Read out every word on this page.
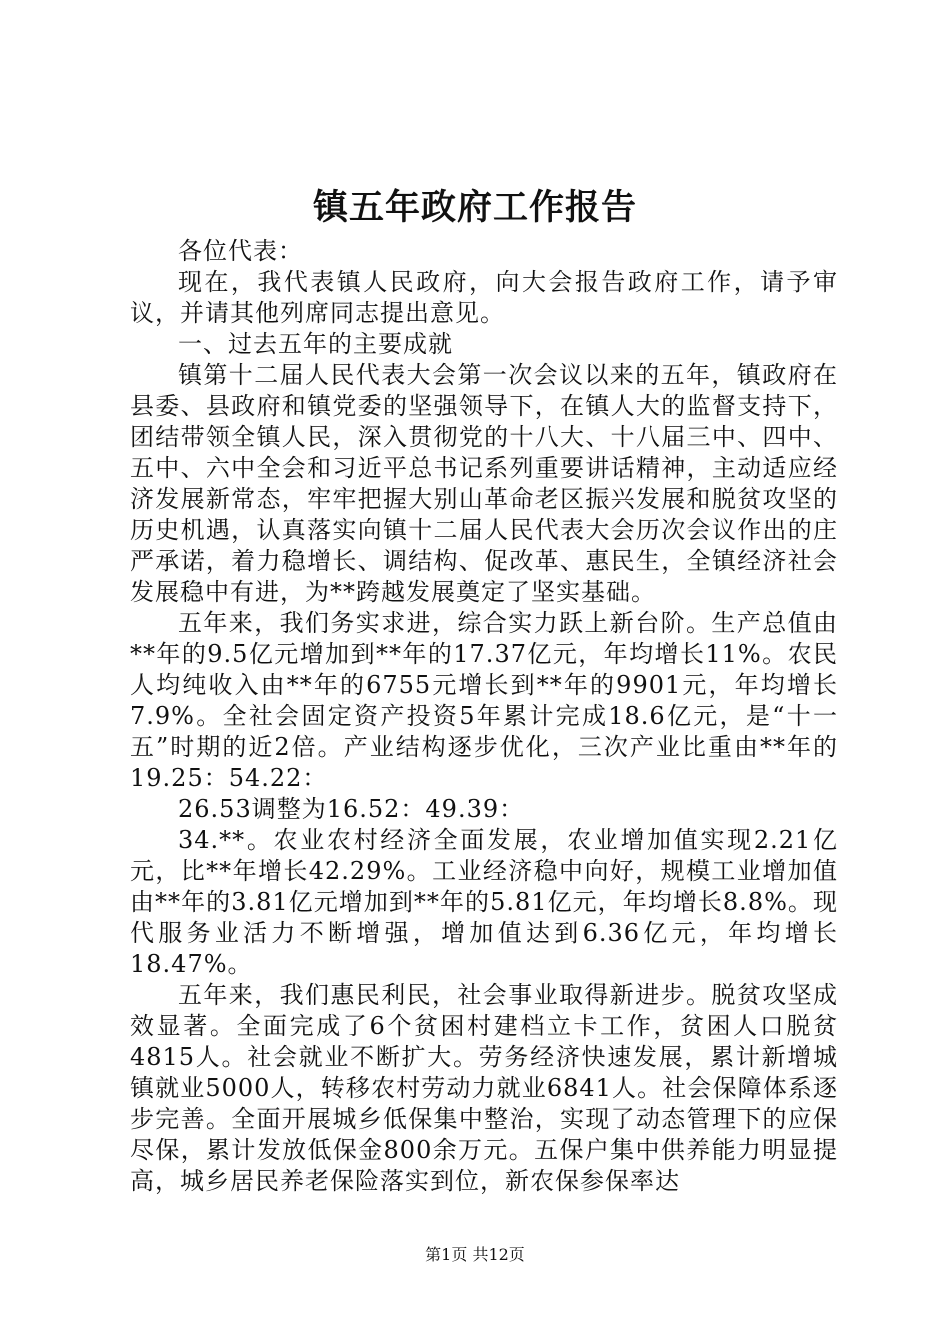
镇五年政府工作报告

各位代表：

现在，我代表镇人民政府，向大会报告政府工作，请予审议，并请其他列席同志提出意见。

一、过去五年的主要成就

镇第十二届人民代表大会第一次会议以来的五年，镇政府在县委、县政府和镇党委的坚强领导下，在镇人大的监督支持下，团结带领全镇人民，深入贯彻党的十八大、十八届三中、四中、五中、六中全会和习近平总书记系列重要讲话精神，主动适应经济发展新常态，牢牢把握大别山革命老区振兴发展和脱贫攻坚的历史机遇，认真落实向镇十二届人民代表大会历次会议作出的庄严承诺，着力稳增长、调结构、促改革、惠民生，全镇经济社会发展稳中有进，为**跨越发展奠定了坚实基础。

五年来，我们务实求进，综合实力跃上新台阶。生产总值由**年的9.5亿元增加到**年的17.37亿元，年均增长11%。农民人均纯收入由**年的6755元增长到**年的9901元，年均增长7.9%。全社会固定资产投资5年累计完成18.6亿元，是“十一五”时期的近2倍。产业结构逐步优化，三次产业比重由**年的19.25：54.22：

26.53调整为16.52：49.39：

34.**。农业农村经济全面发展，农业增加值实现2.21亿元，比**年增长42.29%。工业经济稳中向好，规模工业增加值由**年的3.81亿元增加到**年的5.81亿元，年均增长8.8%。现代服务业活力不断增强，增加值达到6.36亿元，年均增长18.47%。

五年来，我们惠民利民，社会事业取得新进步。脱贫攻坚成效显著。全面完成了6个贫困村建档立卡工作，贫困人口脱贫4815人。社会就业不断扩大。劳务经济快速发展，累计新增城镇就业5000人，转移农村劳动力就业6841人。社会保障体系逐步完善。全面开展城乡低保集中整治，实现了动态管理下的应保尽保，累计发放低保金800余万元。五保户集中供养能力明显提高，城乡居民养老保险落实到位，新农保参保率达

第1页 共12页
